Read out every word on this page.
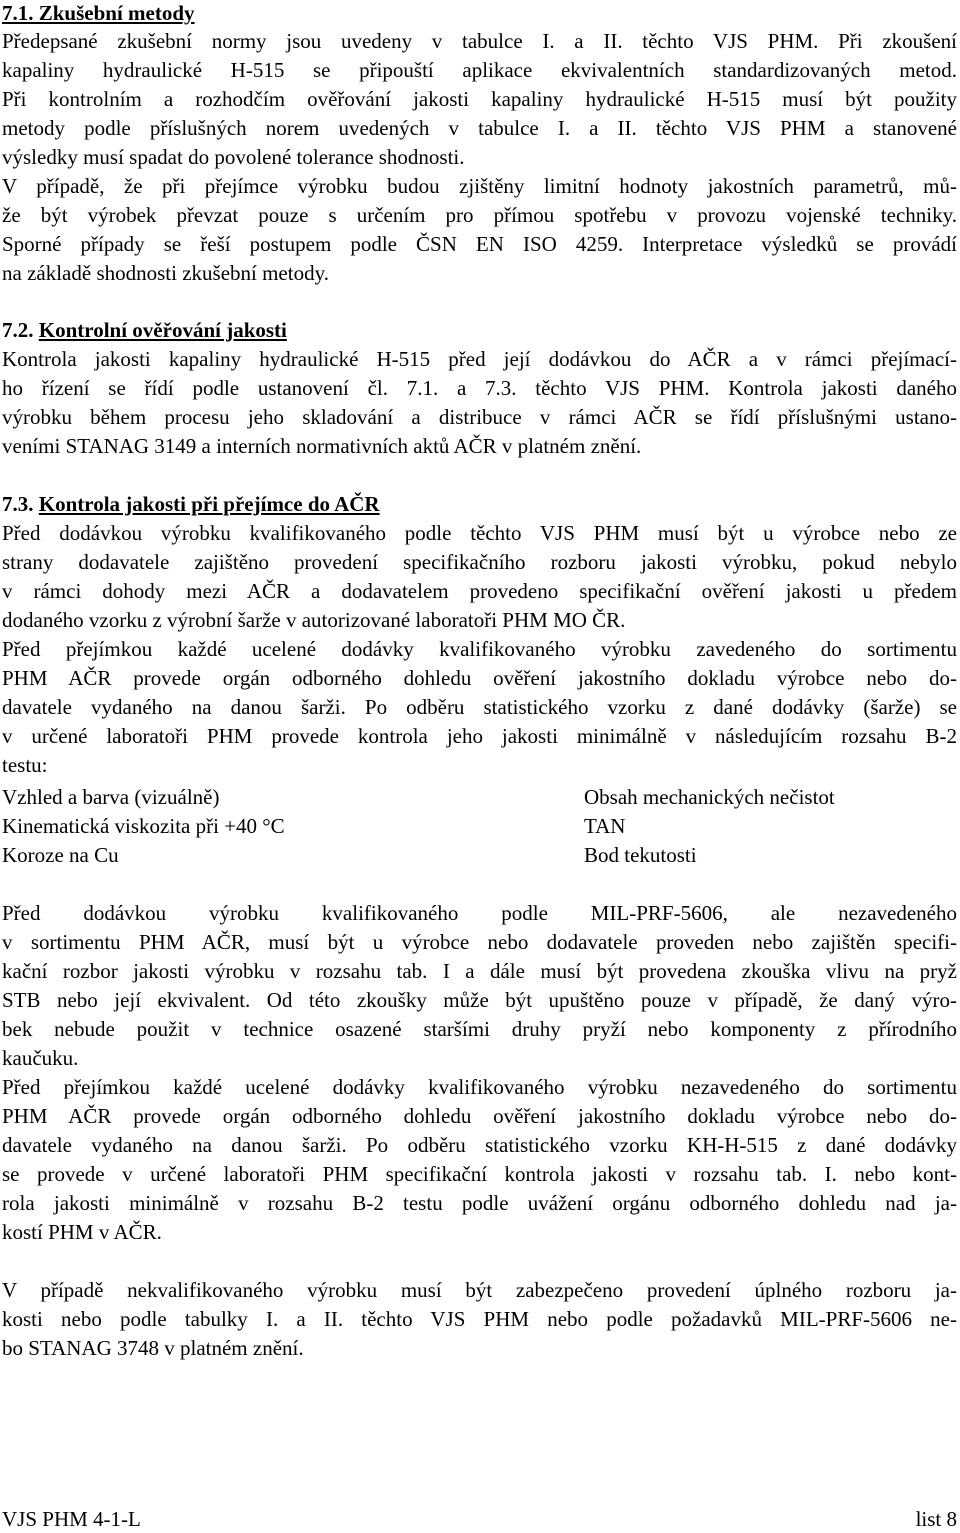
7.1. Zkušební metody
Předepsané zkušební normy jsou uvedeny v tabulce I. a II. těchto VJS PHM. Při zkoušení
kapaliny hydraulické H-515 se připouští aplikace ekvivalentních standardizovaných metod.
Při kontrolním a rozhodčím ověřování jakosti kapaliny hydraulické H-515 musí být použity
metody podle příslušných norem uvedených v tabulce I. a II. těchto VJS PHM a stanovené
výsledky musí spadat do povolené tolerance shodnosti.
V případě, že při přejímce výrobku budou zjištěny limitní hodnoty jakostních parametrů, mů-
že být výrobek převzat pouze s určením pro přímou spotřebu v provozu vojenské techniky.
Sporné případy se řeší postupem podle ČSN EN ISO 4259. Interpretace výsledků se provádí
na základě shodnosti zkušební metody.
7.2. Kontrolní ověřování jakosti
Kontrola jakosti kapaliny hydraulické H-515 před její dodávkou do AČR a v rámci přejímací-
ho řízení se řídí podle ustanovení čl. 7.1. a 7.3. těchto VJS PHM. Kontrola jakosti daného
výrobku během procesu jeho skladování a distribuce v rámci AČR se řídí příslušnými ustano-
veními STANAG 3149 a interních normativních aktů AČR v platném znění.
7.3. Kontrola jakosti při přejímce do AČR
Před dodávkou výrobku kvalifikovaného podle těchto VJS PHM musí být u výrobce nebo ze
strany dodavatele zajištěno provedení specifikačního rozboru jakosti výrobku, pokud nebylo
v rámci dohody mezi AČR a dodavatelem provedeno specifikační ověření jakosti u předem
dodaného vzorku z výrobní šarže v autorizované laboratoři PHM MO ČR.
Před přejímkou každé ucelené dodávky kvalifikovaného výrobku zavedeného do sortimentu
PHM AČR provede orgán odborného dohledu ověření jakostního dokladu výrobce nebo do-
davatele vydaného na danou šarži. Po odběru statistického vzorku z dané dodávky (šarže) se
v určené laboratoři PHM provede kontrola jeho jakosti minimálně v následujícím rozsahu B-2
testu:
Vzhled a barva (vizuálně)	Obsah mechanických nečistot
Kinematická viskozita při +40 °C	TAN
Koroze na Cu	Bod tekutosti
Před dodávkou výrobku kvalifikovaného podle MIL-PRF-5606, ale nezavedeného
v sortimentu PHM AČR, musí být u výrobce nebo dodavatele proveden nebo zajištěn specifi-
kační rozbor jakosti výrobku v rozsahu tab. I a dále musí být provedena zkouška vlivu na pryž
STB nebo její ekvivalent. Od této zkoušky může být upuštěno pouze v případě, že daný výro-
bek nebude použit v technice osazené staršími druhy pryží nebo komponenty z přírodního
kaučuku.
Před přejímkou každé ucelené dodávky kvalifikovaného výrobku nezavedeného do sortimentu
PHM AČR provede orgán odborného dohledu ověření jakostního dokladu výrobce nebo do-
davatele vydaného na danou šarži. Po odběru statistického vzorku KH-H-515 z dané dodávky
se provede v určené laboratoři PHM specifikační kontrola jakosti v rozsahu tab. I. nebo kont-
rola jakosti minimálně v rozsahu B-2 testu podle uvážení orgánu odborného dohledu nad ja-
kostí PHM v AČR.
V případě nekvalifikovaného výrobku musí být zabezpečeno provedení úplného rozboru ja-
kosti nebo podle tabulky I. a II. těchto VJS PHM nebo podle požadavků MIL-PRF-5606 ne-
bo STANAG 3748 v platném znění.
VJS PHM 4-1-L	list 8
